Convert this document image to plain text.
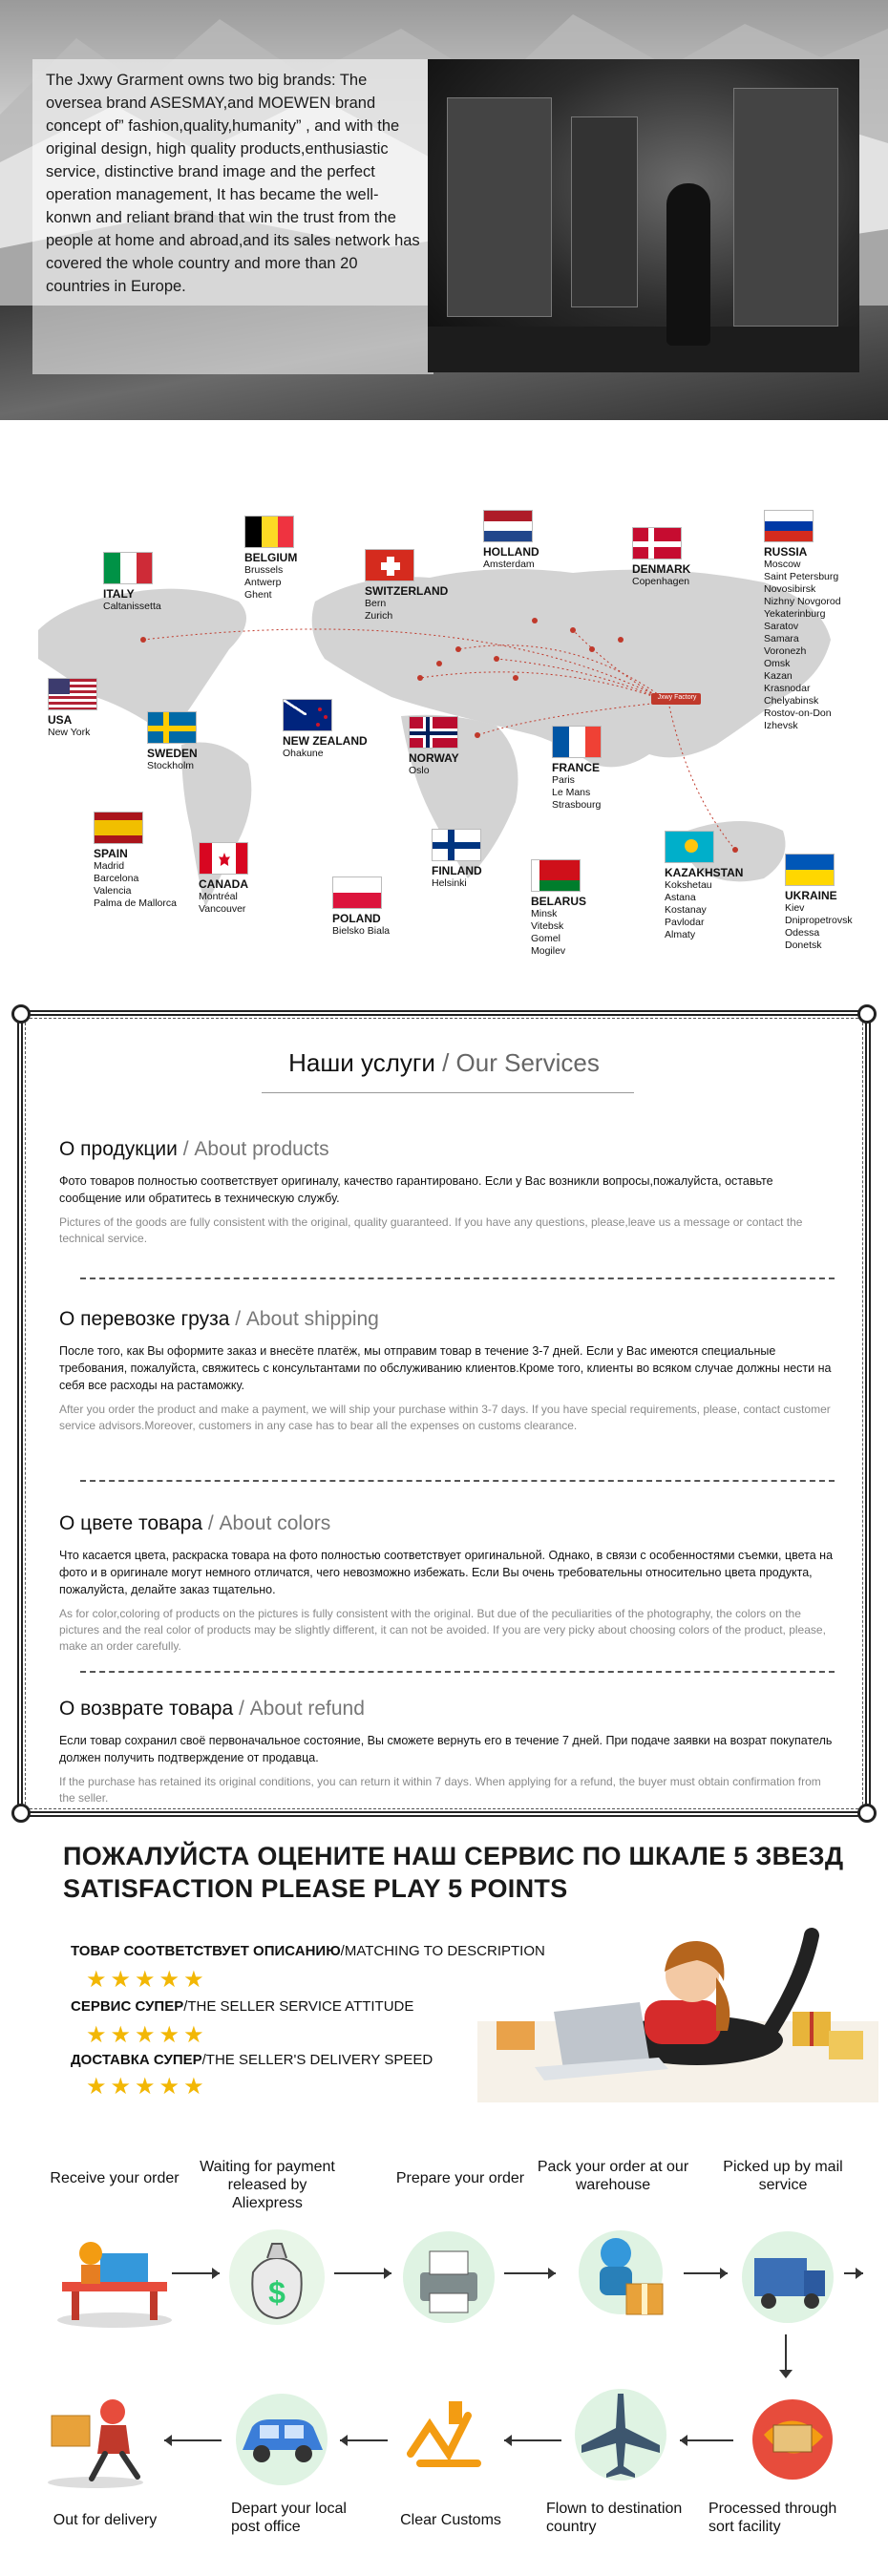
The Jxwy Grarment owns two big brands: The oversea brand ASESMAY,and MOEWEN brand concept of” fashion,quality,humanity” , and with the original design, high quality products,enthusiastic service, distinctive brand image and the perfect operation management, It has became the well-konwn and reliant brand that win the trust from the people at home and abroad,and its sales network has covered the whole country and more than 20 countries in Europe.
Jxwy Factory
ITALY
Caltanissetta
BELGIUM
Brussels
Antwerp
Ghent	SWITZERLAND
Bern
Zurich
HOLLAND
Amsterdam	DENMARK
Copenhagen
RUSSIA
Moscow
Saint Petersburg
Novosibirsk
Nizhny Novgorod
Yekaterinburg
Saratov
Samara
Voronezh
Omsk
Kazan
Krasnodar
Chelyabinsk
Rostov-on-Don
Izhevsk
USA
New York
SWEDEN
Stockholm
NEW ZEALAND
Ohakune	NORWAY
Oslo	FRANCE
Paris
Le Mans
Strasbourg
SPAIN
Madrid
Barcelona
Valencia
Palma de Mallorca
CANADA
Montréal
Vancouver
POLAND
Bielsko Biala
FINLAND
Helsinki
BELARUS
Minsk
Vitebsk
Gomel
Mogilev
KAZAKHSTAN
Kokshetau
Astana
Kostanay
Pavlodar
Almaty
UKRAINE
Kiev
Dnipropetrovsk
Odessa
Donetsk
Наши услуги / Our Services
О продукции / About products
Фото товаров полностью соответствует оригиналу, качество гарантировано. Если у Вас возникли вопросы,пожалуйста, оставьте сообщение или обратитесь в техническую службу.
Pictures of the goods are fully consistent with the original, quality guaranteed. If you have any questions, please,leave us a message or contact the technical service.
О перевозке груза / About shipping
После того, как Вы оформите заказ и внесёте платёж, мы отправим товар в течение 3-7 дней. Если у Вас имеются специальные требования, пожалуйста, свяжитесь с консультантами по обслуживанию клиентов.Кроме того, клиенты во всяком случае должны нести на себя все расходы на растаможку.
After you order the product and make a payment, we will ship your purchase within 3-7 days. If you have special requirements, please, contact customer service advisors.Moreover, customers in any case has to bear all the expenses on customs clearance.
О цвете товара / About colors
Что касается цвета, раскраска товара на фото полностью соответствует оригинальной. Однако, в связи с особенностями съемки, цвета на фото и в оригинале могут немного отличатся, чего невозможно избежать. Если Вы очень требовательны относительно цвета продукта, пожалуйста, делайте заказ тщательно.
As for color,coloring of products on the pictures is fully consistent with the original. But due of the peculiarities of the photography, the colors on the pictures and the real color of products may be slightly different, it can not be avoided. If you are very picky about choosing colors of the product, please, make an order carefully.
О возврате товара / About refund
Если товар сохранил своё первоначальное состояние, Вы сможете вернуть его в течение 7 дней. При подаче заявки на возрат покупатель должен получить подтверждение от продавца.
If the purchase has retained its original conditions, you can return it within 7 days. When applying for a refund, the buyer must obtain confirmation from the seller.
ПОЖАЛУЙСТА ОЦЕНИТЕ НАШ СЕРВИС ПО ШКАЛЕ 5 ЗВЕЗД
SATISFACTION PLEASE PLAY 5 POINTS
ТОВАР СООТВЕТСТВУЕТ ОПИСАНИЮ/MATCHING TO DESCRIPTION
★★★★★
СЕРВИС СУПЕР/THE SELLER SERVICE ATTITUDE
★★★★★
ДОСТАВКА СУПЕР/THE SELLER'S DELIVERY SPEED
★★★★★
Receive your order
Waiting for payment released by Aliexpress
Prepare your order
Pack your order at our warehouse
Picked up by mail service
$
Out for delivery
Depart your local post office	Clear Customs
Flown to destination country
Processed through sort facility
